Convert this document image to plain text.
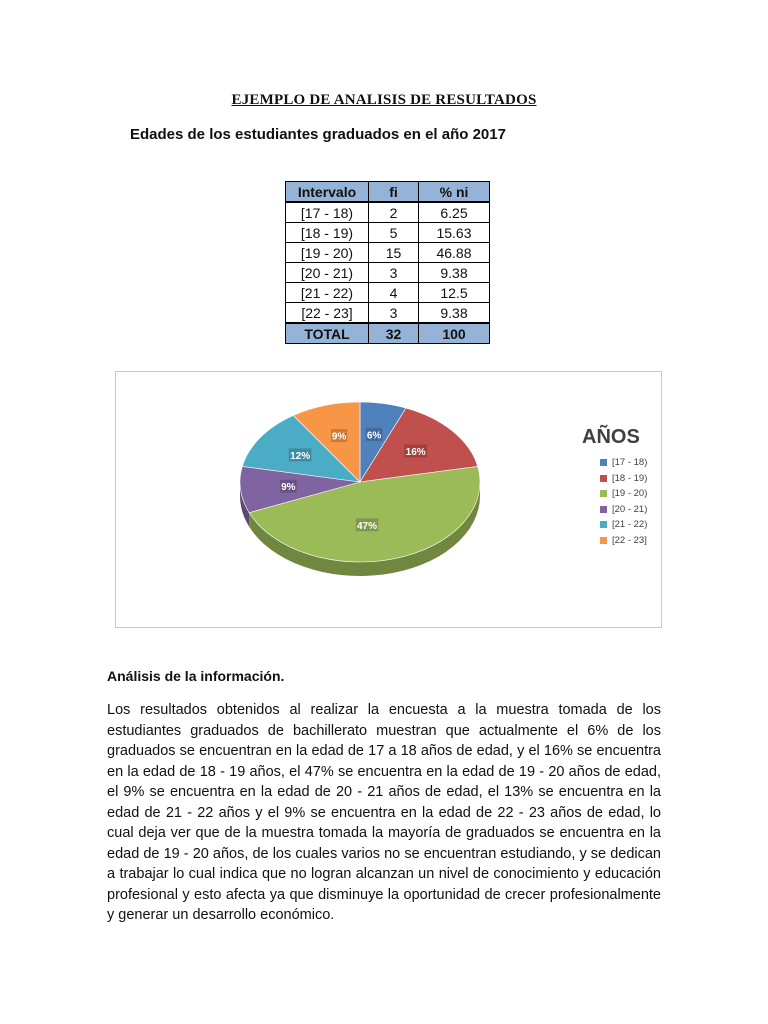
EJEMPLO DE ANALISIS DE RESULTADOS
Edades de los estudiantes graduados en el año 2017
Intervalo	fi	% ni
[17 - 18)	2	6.25
[18 - 19)	5	15.63
[19 - 20)	15	46.88
[20 - 21)	3	9.38
[21 - 22)	4	12.5
[22 - 23]	3	9.38
TOTAL	32	100
6%
16%
47%
9%
12%
9%	AÑOS
[17 - 18)
[18 - 19)
[19 - 20)
[20 - 21)
[21 - 22)
[22 - 23]
Análisis de la información.

Los resultados obtenidos al realizar la encuesta a la muestra tomada de los estudiantes graduados de bachillerato muestran que actualmente el 6% de los graduados se encuentran en la edad de 17 a 18 años de edad, y el 16% se encuentra en la edad de 18 - 19 años, el 47% se encuentra en la edad de 19 - 20 años de edad, el 9% se encuentra en la edad de 20 - 21 años de edad, el 13% se encuentra en la edad de 21 - 22 años y el 9% se encuentra en la edad de 22 - 23 años de edad, lo cual deja ver que de la muestra tomada la mayoría de graduados se encuentra en la edad de 19 - 20 años, de los cuales varios no se encuentran estudiando, y se dedican a trabajar lo cual indica que no logran alcanzan un nivel de conocimiento y educación profesional y esto afecta ya que disminuye la oportunidad de crecer profesionalmente y generar un desarrollo económico.
